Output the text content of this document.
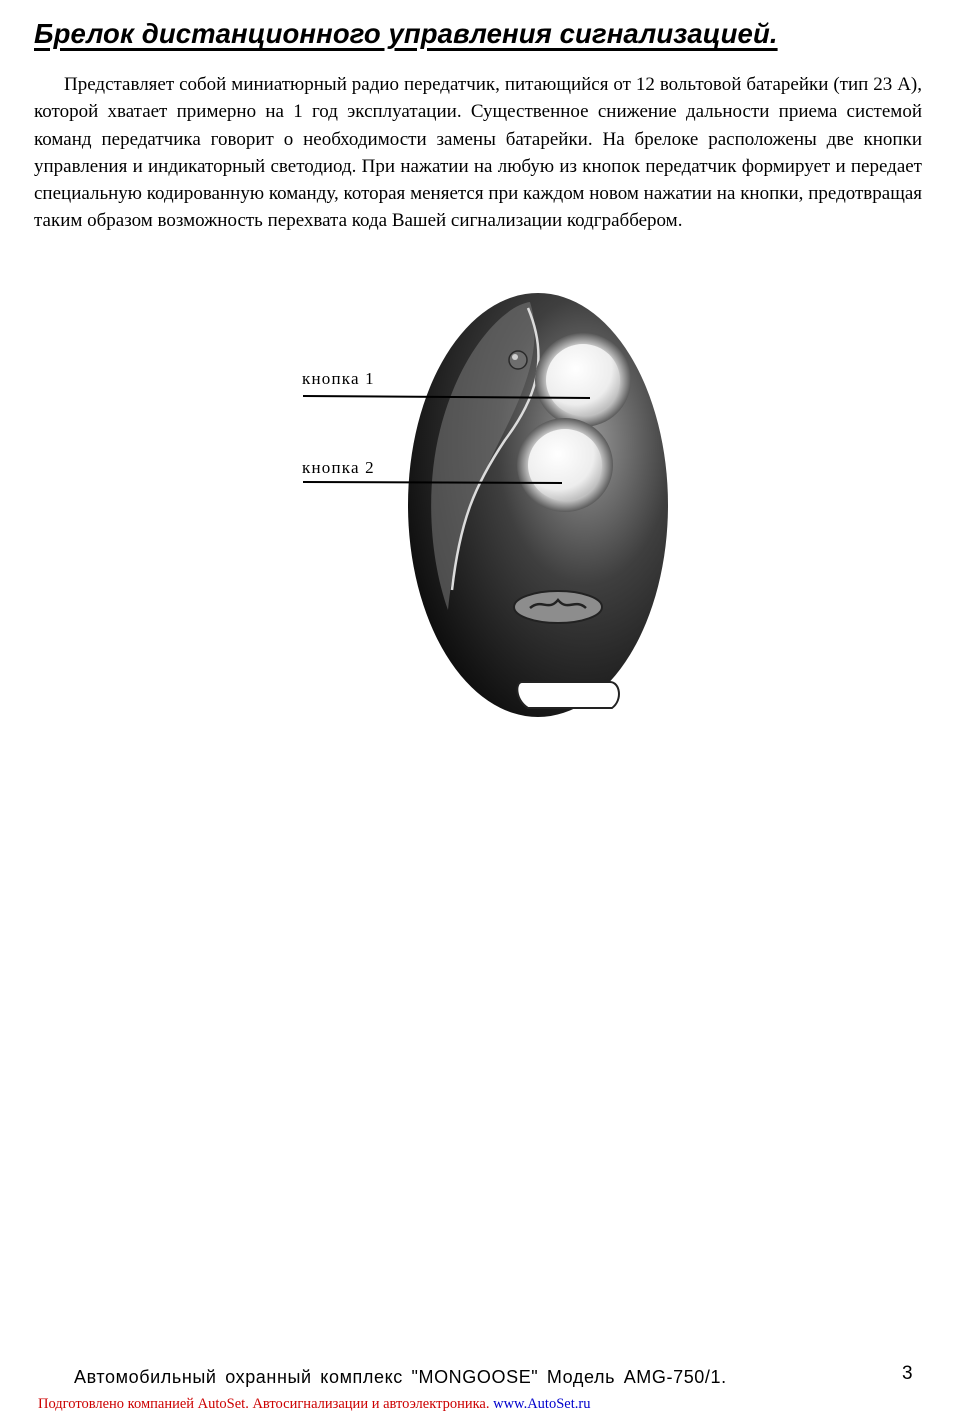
Брелок дистанционного управления сигнализацией.

Представляет собой миниатюрный радио передатчик, питающийся от 12 вольтовой батарейки (тип 23 А), которой хватает примерно на 1 год эксплуатации. Существенное снижение дальности приема системой команд передатчика говорит о необходимости замены батарейки. На брелоке расположены две кнопки управления и индикаторный светодиод. При нажатии на любую из кнопок передатчик формирует и передает специальную кодированную команду, которая меняется при каждом новом нажатии на кнопки, предотвращая таким образом возможность перехвата кода Вашей сигнализации кодграббером.

кнопка 1
кнопка 2

Автомобильный охранный комплекс "MONGOOSE" Модель AMG-750/1.	3

Подготовлено компанией AutoSet. Автосигнализации и автоэлектроника. www.AutoSet.ru
